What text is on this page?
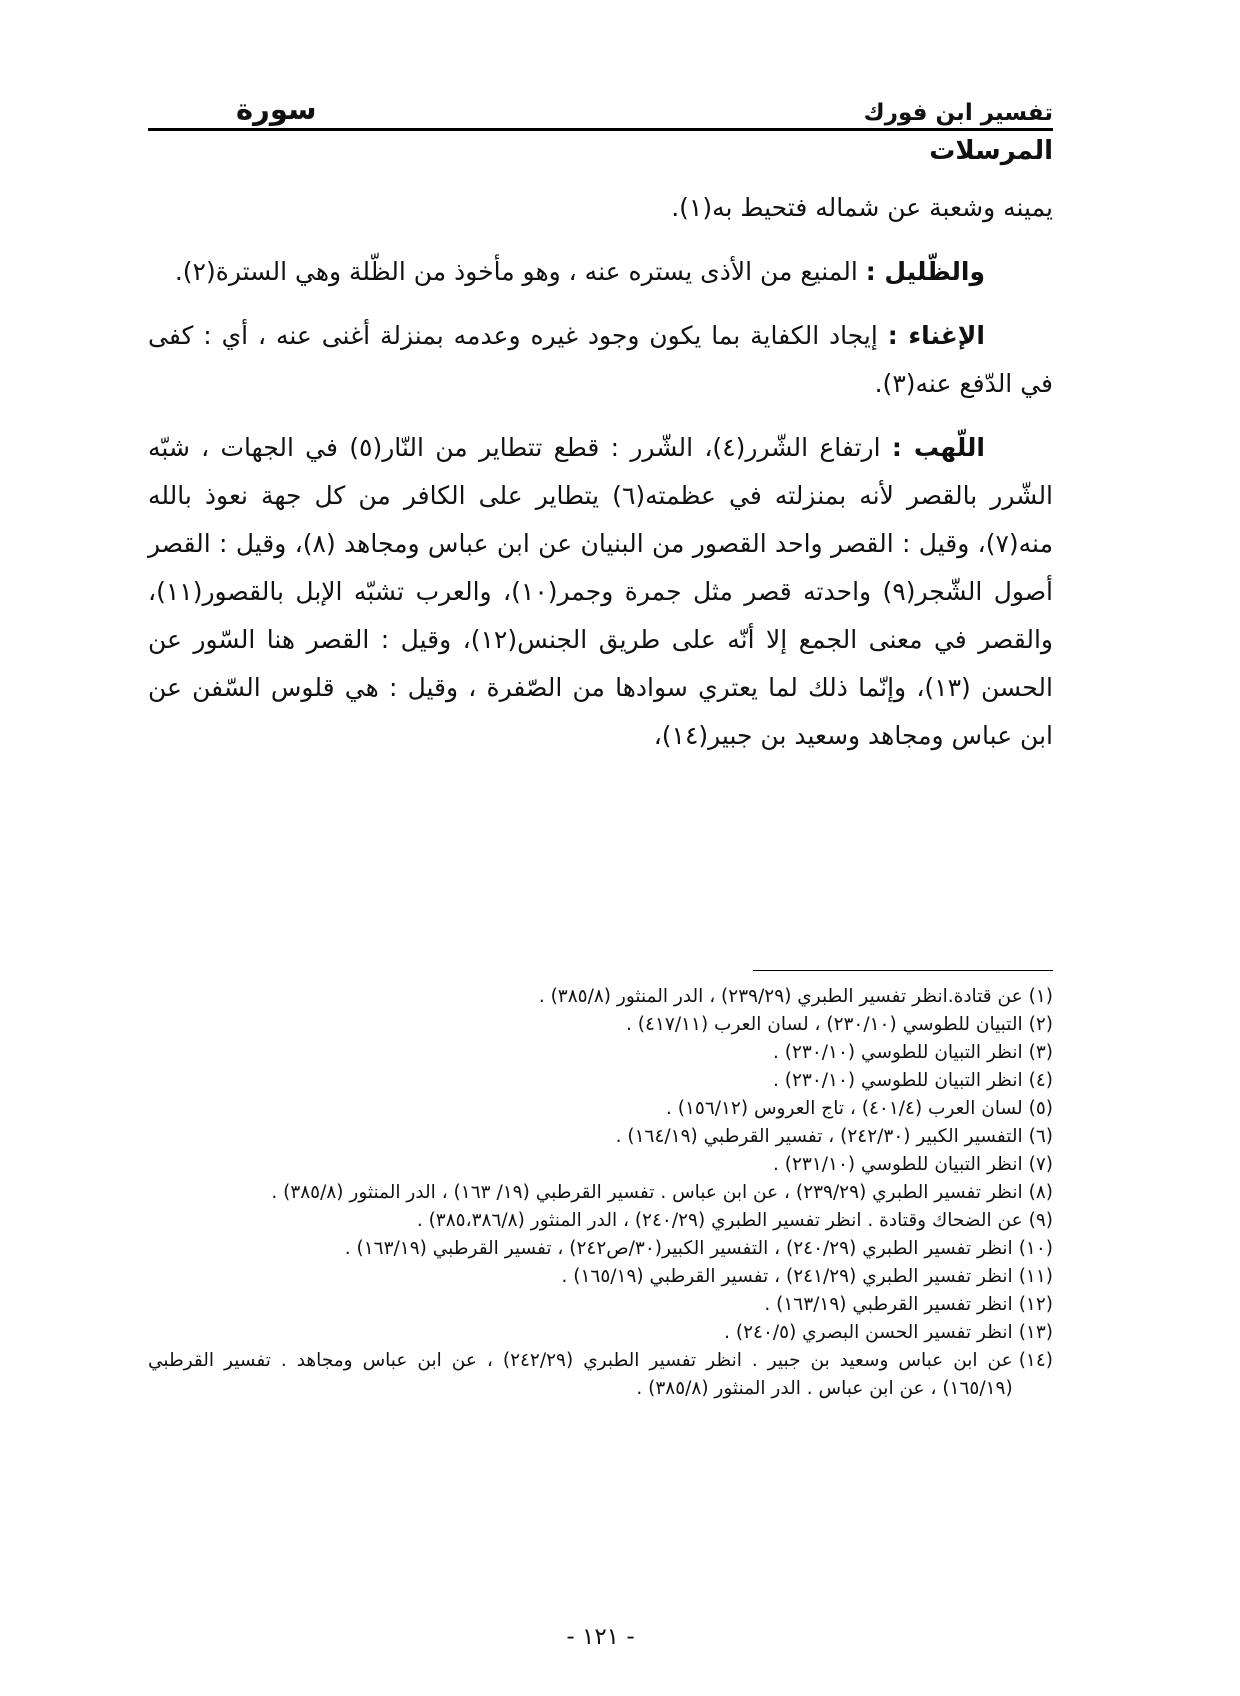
تفسير ابن فورك
سورة
المرسلات

يمينه وشعبة عن شماله فتحيط به(١).

والظّليل : المنيع من الأذى يستره عنه ، وهو مأخوذ من الظّلة وهي السترة(٢).

الإغناء : إيجاد الكفاية بما يكون وجود غيره وعدمه بمنزلة أغنى عنه ، أي : كفى في الدّفع عنه(٣).

اللّهب : ارتفاع الشّرر(٤)، الشّرر : قطع تتطاير من النّار(٥) في الجهات ، شبّه الشّرر بالقصر لأنه بمنزلته في عظمته(٦) يتطاير على الكافر من كل جهة نعوذ بالله منه(٧)، وقيل : القصر واحد القصور من البنيان عن ابن عباس ومجاهد (٨)، وقيل : القصر أصول الشّجر(٩) واحدته قصر مثل جمرة وجمر(١٠)، والعرب تشبّه الإبل بالقصور(١١)، والقصر في معنى الجمع إلا أنّه على طريق الجنس(١٢)، وقيل : القصر هنا السّور عن الحسن (١٣)، وإنّما ذلك لما يعتري سوادها من الصّفرة ، وقيل : هي قلوس السّفن عن ابن عباس ومجاهد وسعيد بن جبير(١٤)،

(١)
عن قتادة.انظر تفسير الطبري (٢٣٩/٢٩) ، الدر المنثور (٣٨٥/٨) .
(٢)
التبيان للطوسي (٢٣٠/١٠) ، لسان العرب (٤١٧/١١) .
(٣)
انظر التبيان للطوسي (٢٣٠/١٠) .
(٤)
انظر التبيان للطوسي (٢٣٠/١٠) .
(٥)
لسان العرب (٤٠١/٤) ، تاج العروس (١٥٦/١٢) .
(٦)
التفسير الكبير (٢٤٢/٣٠) ، تفسير القرطبي (١٦٤/١٩) .
(٧)
انظر التبيان للطوسي (٢٣١/١٠) .
(٨)
انظر تفسير الطبري (٢٣٩/٢٩) ، عن ابن عباس . تفسير القرطبي (١٩/ ١٦٣) ، الدر المنثور (٣٨٥/٨) .
(٩)
عن الضحاك وقتادة . انظر تفسير الطبري (٢٤٠/٢٩) ، الدر المنثور (٣٨٥،٣٨٦/٨) .
(١٠)
انظر تفسير الطبري (٢٤٠/٢٩) ، التفسير الكبير(٣٠/ص٢٤٢) ، تفسير القرطبي (١٦٣/١٩) .
(١١)
انظر تفسير الطبري (٢٤١/٢٩) ، تفسير القرطبي (١٦٥/١٩) .
(١٢)
انظر تفسير القرطبي (١٦٣/١٩) .
(١٣)
انظر تفسير الحسن البصري (٢٤٠/٥) .
(١٤)
عن ابن عباس وسعيد بن جبير . انظر تفسير الطبري (٢٤٢/٢٩) ، عن ابن عباس ومجاهد . تفسير القرطبي (١٦٥/١٩) ، عن ابن عباس . الدر المنثور (٣٨٥/٨) .
- ١٢١ -
